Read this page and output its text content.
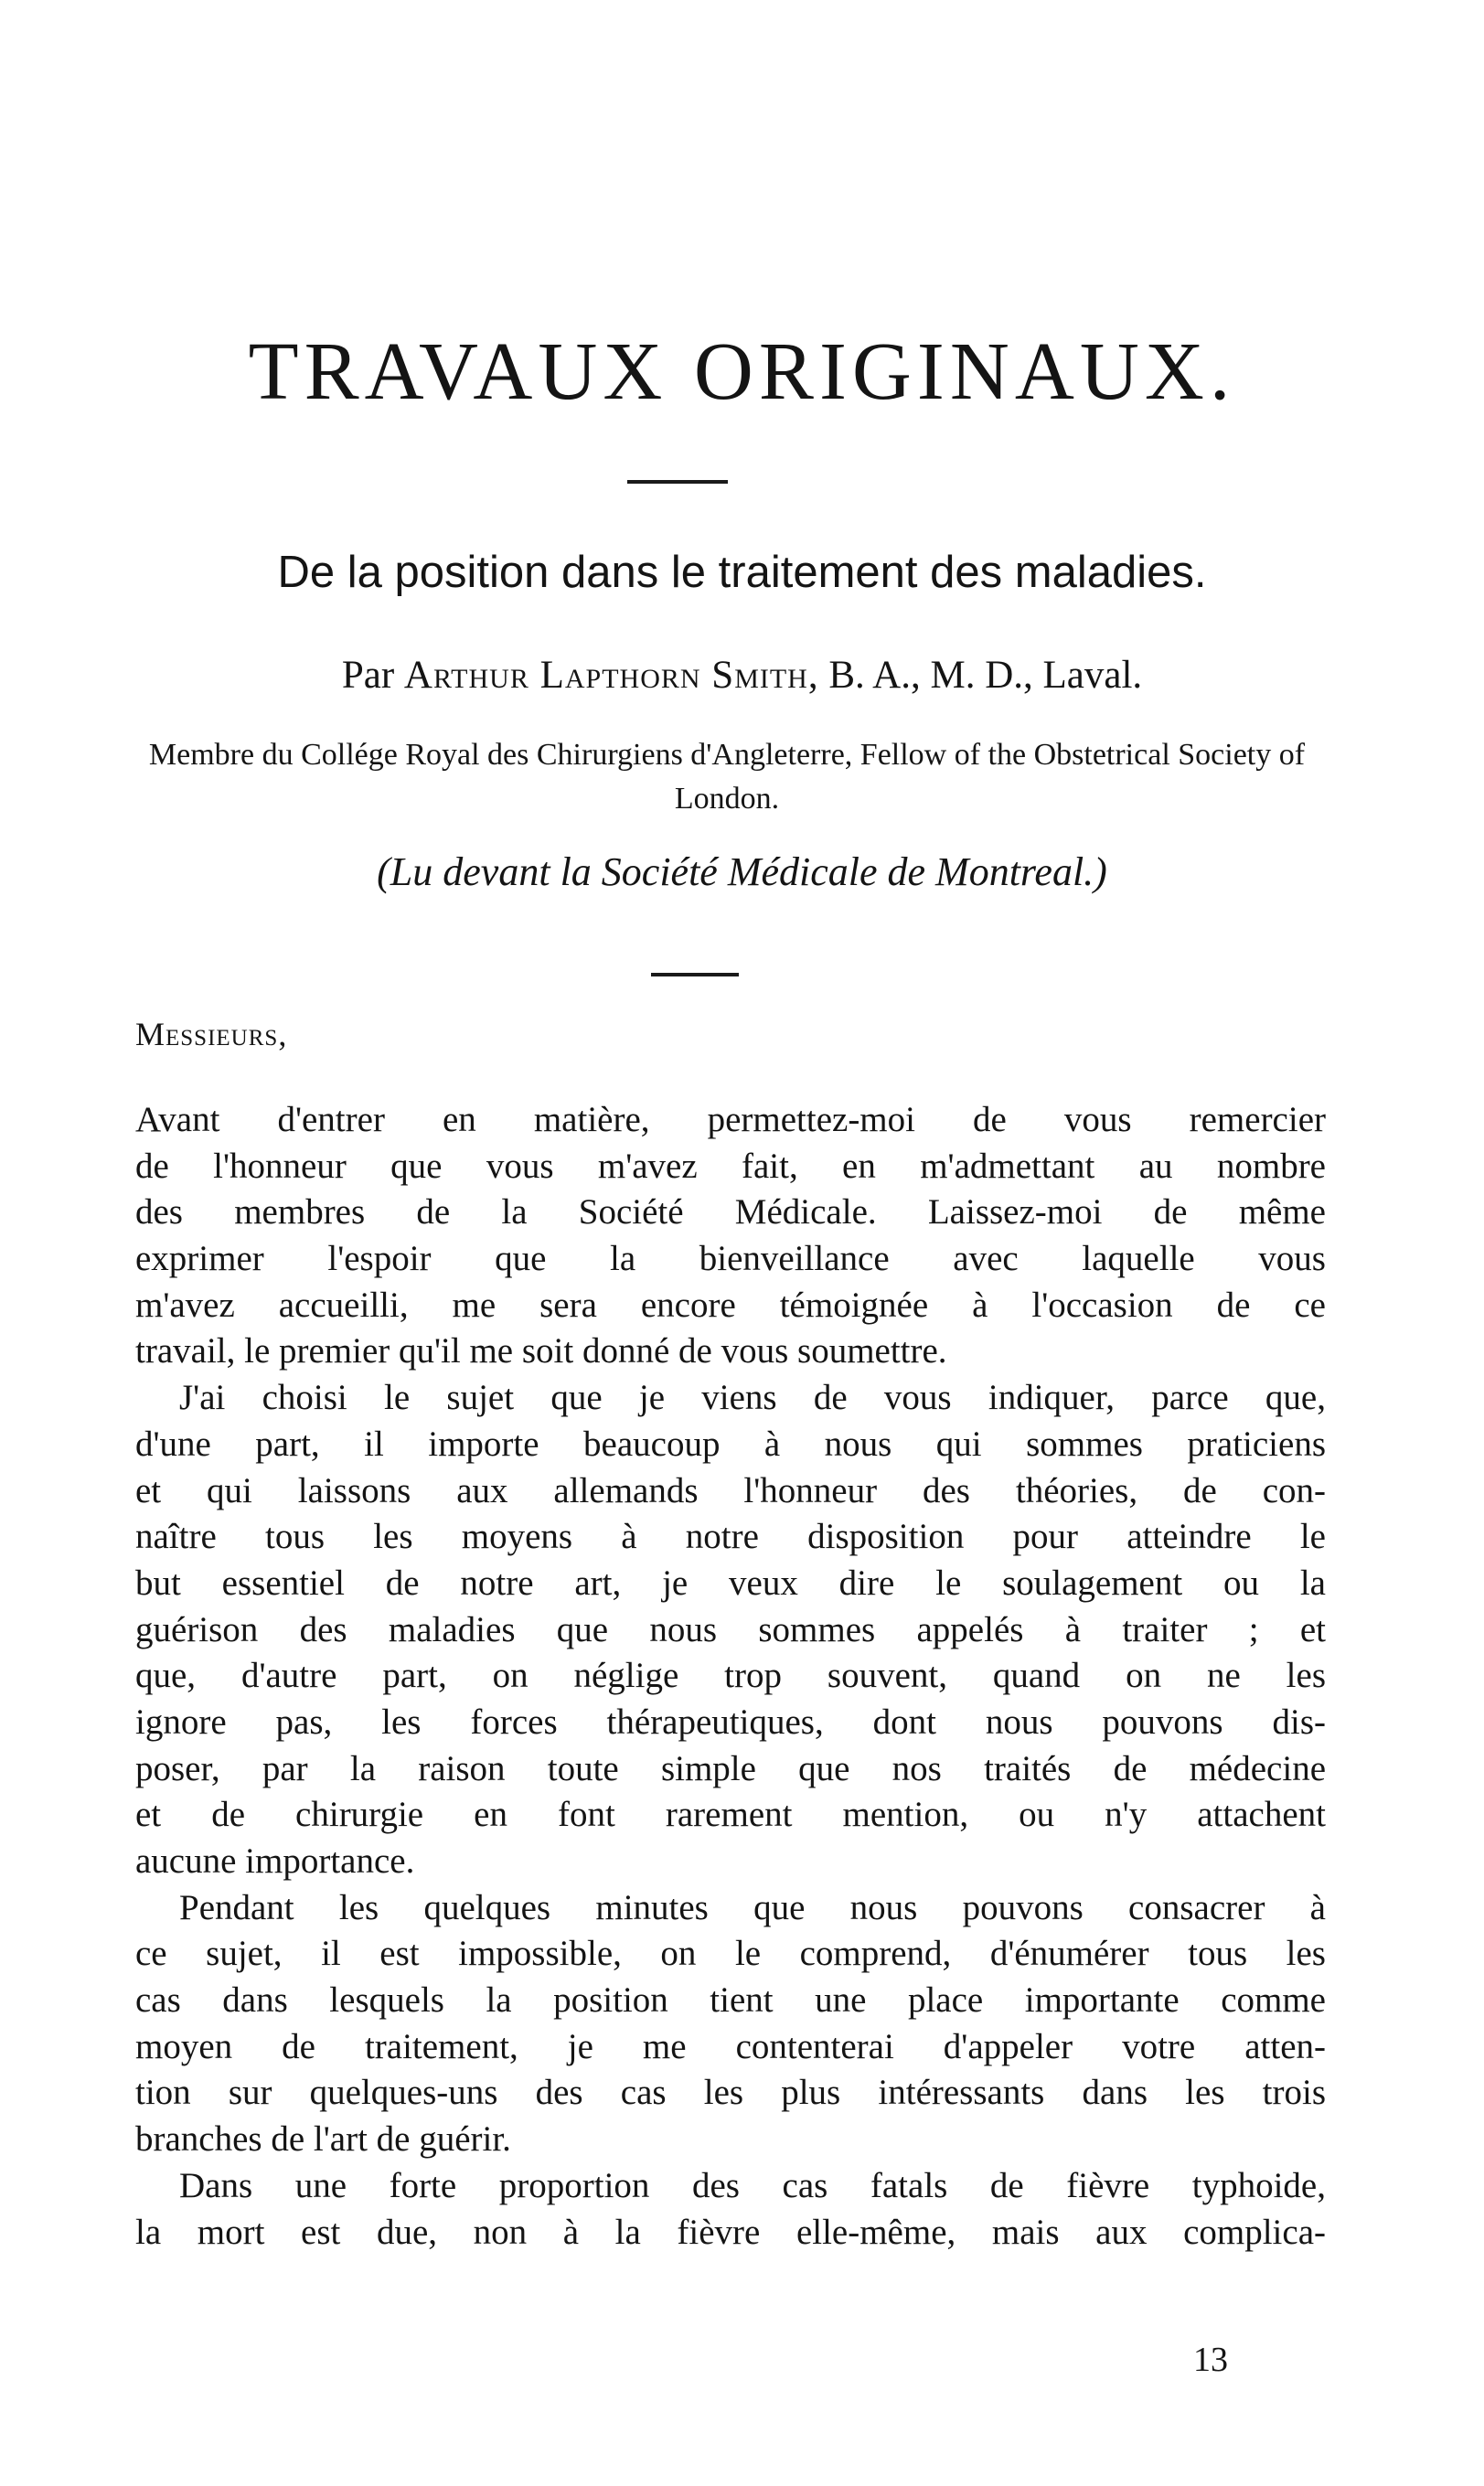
TRAVAUX ORIGINAUX.
De la position dans le traitement des maladies.
Par Arthur Lapthorn Smith, B. A., M. D., Laval.
Membre du Collége Royal des Chirurgiens d'Angleterre, Fellow of the Obstetrical Society of London.
(Lu devant la Société Médicale de Montreal.)
Messieurs,
Avant d'entrer en matière, permettez-moi de vous remercier
de l'honneur que vous m'avez fait, en m'admettant au nombre
des membres de la Société Médicale. Laissez-moi de même
exprimer l'espoir que la bienveillance avec laquelle vous
m'avez accueilli, me sera encore témoignée à l'occasion de ce
travail, le premier qu'il me soit donné de vous soumettre.
J'ai choisi le sujet que je viens de vous indiquer, parce que,
d'une part, il importe beaucoup à nous qui sommes praticiens
et qui laissons aux allemands l'honneur des théories, de con-
naître tous les moyens à notre disposition pour atteindre le
but essentiel de notre art, je veux dire le soulagement ou la
guérison des maladies que nous sommes appelés à traiter ; et
que, d'autre part, on néglige trop souvent, quand on ne les
ignore pas, les forces thérapeutiques, dont nous pouvons dis-
poser, par la raison toute simple que nos traités de médecine
et de chirurgie en font rarement mention, ou n'y attachent
aucune importance.
Pendant les quelques minutes que nous pouvons consacrer à
ce sujet, il est impossible, on le comprend, d'énumérer tous les
cas dans lesquels la position tient une place importante comme
moyen de traitement, je me contenterai d'appeler votre atten-
tion sur quelques-uns des cas les plus intéressants dans les trois
branches de l'art de guérir.
Dans une forte proportion des cas fatals de fièvre typhoide,
la mort est due, non à la fièvre elle-même, mais aux complica-
13
